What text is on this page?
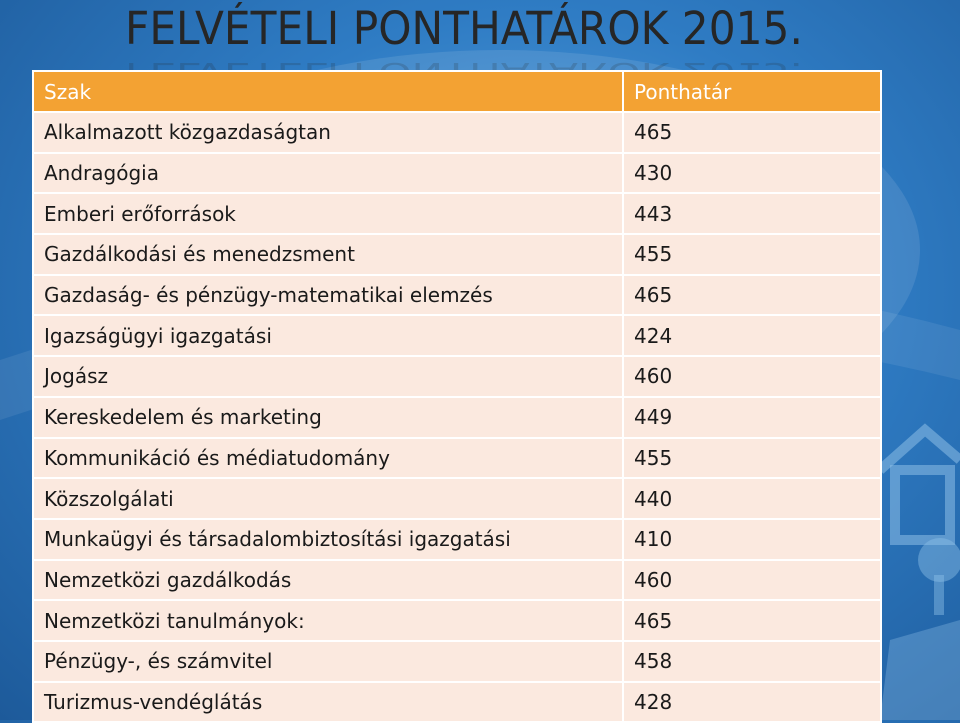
FELVÉTELI PONTHATÁROK 2015.
Szak	Ponthatár
Alkalmazott közgazdaságtan	465
Andragógia	430
Emberi erőforrások	443
Gazdálkodási és menedzsment	455
Gazdaság- és pénzügy-matematikai elemzés	465
Igazságügyi igazgatási	424
Jogász	460
Kereskedelem és marketing	449
Kommunikáció és médiatudomány	455
Közszolgálati	440
Munkaügyi és társadalombiztosítási igazgatási	410
Nemzetközi gazdálkodás	460
Nemzetközi tanulmányok:	465
Pénzügy-, és számvitel	458
Turizmus-vendéglátás	428
